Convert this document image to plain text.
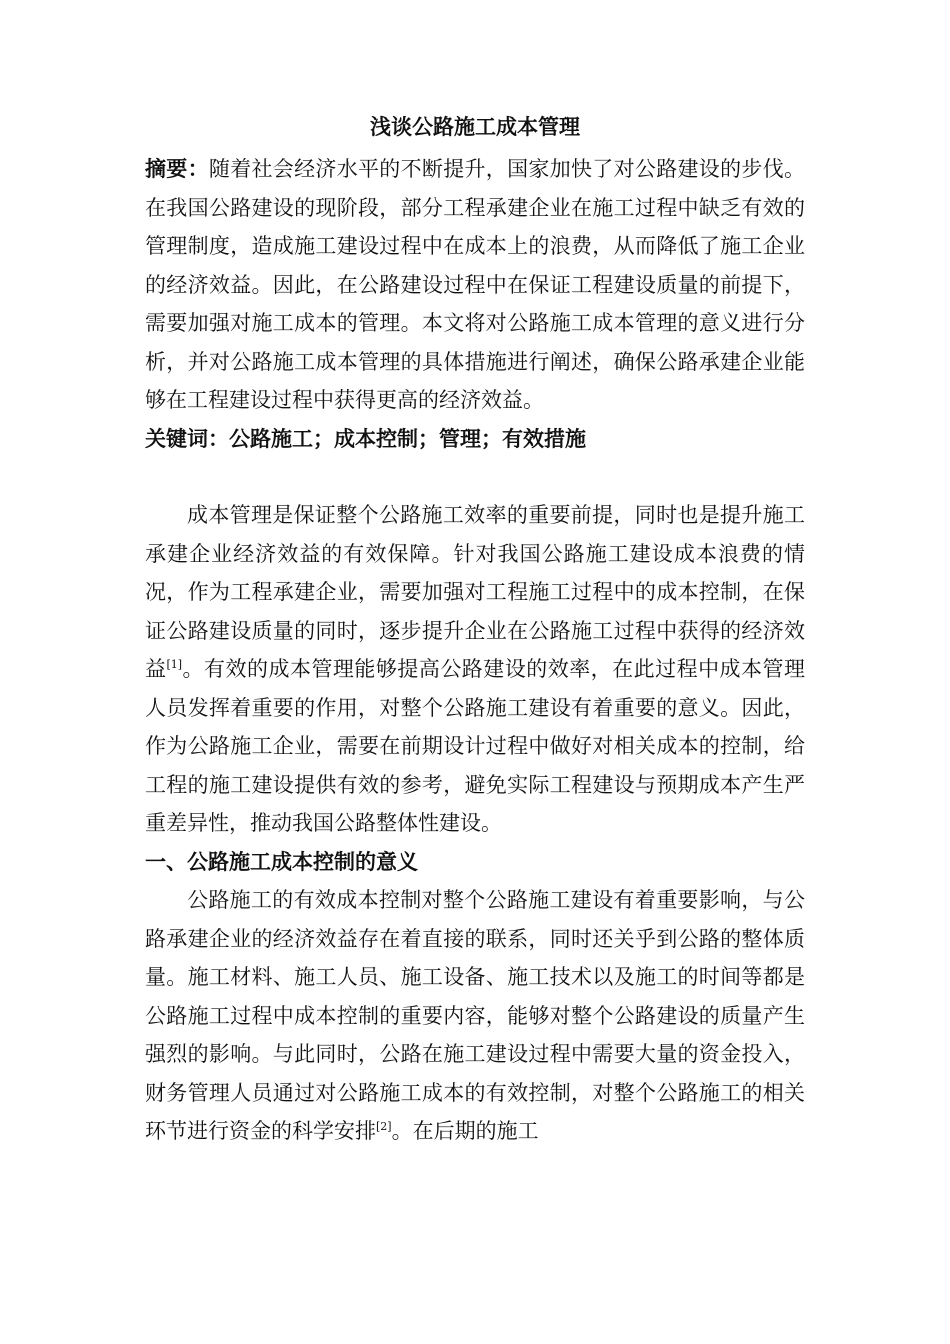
浅谈公路施工成本管理

摘要：随着社会经济水平的不断提升，国家加快了对公路建设的步伐。在我国公路建设的现阶段，部分工程承建企业在施工过程中缺乏有效的管理制度，造成施工建设过程中在成本上的浪费，从而降低了施工企业的经济效益。因此，在公路建设过程中在保证工程建设质量的前提下，需要加强对施工成本的管理。本文将对公路施工成本管理的意义进行分析，并对公路施工成本管理的具体措施进行阐述，确保公路承建企业能够在工程建设过程中获得更高的经济效益。

关键词：公路施工；成本控制；管理；有效措施

成本管理是保证整个公路施工效率的重要前提，同时也是提升施工承建企业经济效益的有效保障。针对我国公路施工建设成本浪费的情况，作为工程承建企业，需要加强对工程施工过程中的成本控制，在保证公路建设质量的同时，逐步提升企业在公路施工过程中获得的经济效益[1]。有效的成本管理能够提高公路建设的效率，在此过程中成本管理人员发挥着重要的作用，对整个公路施工建设有着重要的意义。因此，作为公路施工企业，需要在前期设计过程中做好对相关成本的控制，给工程的施工建设提供有效的参考，避免实际工程建设与预期成本产生严重差异性，推动我国公路整体性建设。

一、公路施工成本控制的意义

公路施工的有效成本控制对整个公路施工建设有着重要影响，与公路承建企业的经济效益存在着直接的联系，同时还关乎到公路的整体质量。施工材料、施工人员、施工设备、施工技术以及施工的时间等都是公路施工过程中成本控制的重要内容，能够对整个公路建设的质量产生强烈的影响。与此同时，公路在施工建设过程中需要大量的资金投入，财务管理人员通过对公路施工成本的有效控制，对整个公路施工的相关环节进行资金的科学安排[2]。在后期的施工
